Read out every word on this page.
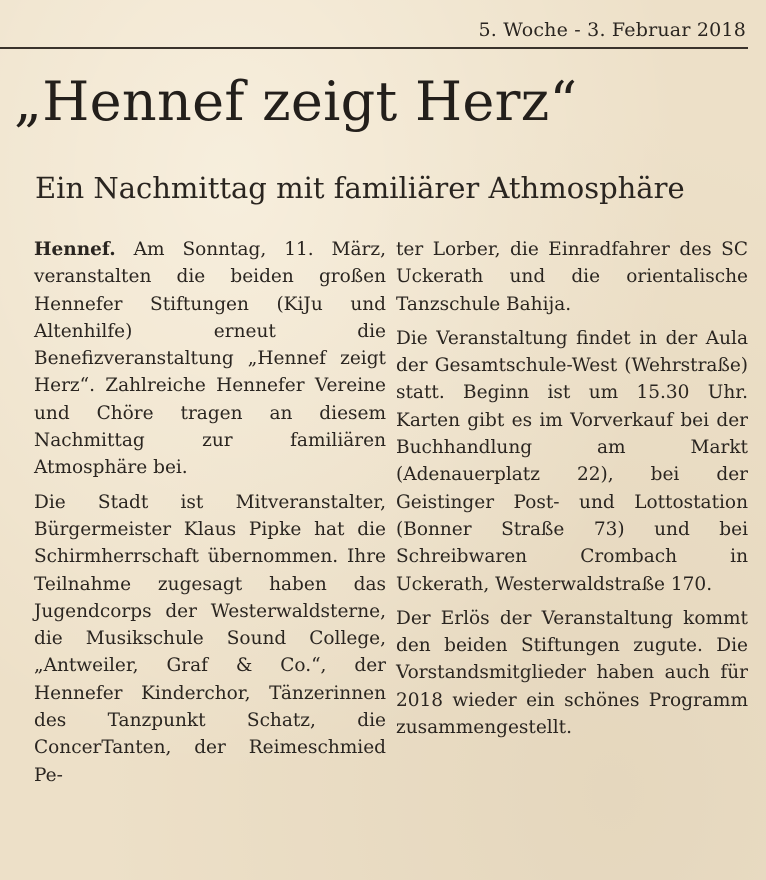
5. Woche - 3. Februar 2018
„Hennef zeigt Herz“
Ein Nachmittag mit familiärer Athmosphäre

Hennef. Am Sonntag, 11. März, veranstalten die beiden großen Hennefer Stiftungen (KiJu und Altenhilfe) erneut die Benefizveranstaltung „Hennef zeigt Herz“. Zahlreiche Hennefer Vereine und Chöre tragen an diesem Nachmittag zur familiären Atmosphäre bei.

Die Stadt ist Mitveranstalter, Bürgermeister Klaus Pipke hat die Schirmherrschaft übernommen. Ihre Teilnahme zugesagt haben das Jugendcorps der Westerwaldsterne, die Musikschule Sound College, „Antweiler, Graf & Co.“, der Hennefer Kinderchor, Tänzerinnen des Tanzpunkt Schatz, die ConcerTanten, der Reimeschmied Pe-

ter Lorber, die Einradfahrer des SC Uckerath und die orientalische Tanzschule Bahija.

Die Veranstaltung findet in der Aula der Gesamtschule-West (Wehrstraße) statt. Beginn ist um 15.30 Uhr. Karten gibt es im Vorverkauf bei der Buchhandlung am Markt (Adenauerplatz 22), bei der Geistinger Post- und Lottostation (Bonner Straße 73) und bei Schreibwaren Crombach in Uckerath, Westerwaldstraße 170.

Der Erlös der Veranstaltung kommt den beiden Stiftungen zugute. Die Vorstandsmitglieder haben auch für 2018 wieder ein schönes Programm zusammengestellt.
